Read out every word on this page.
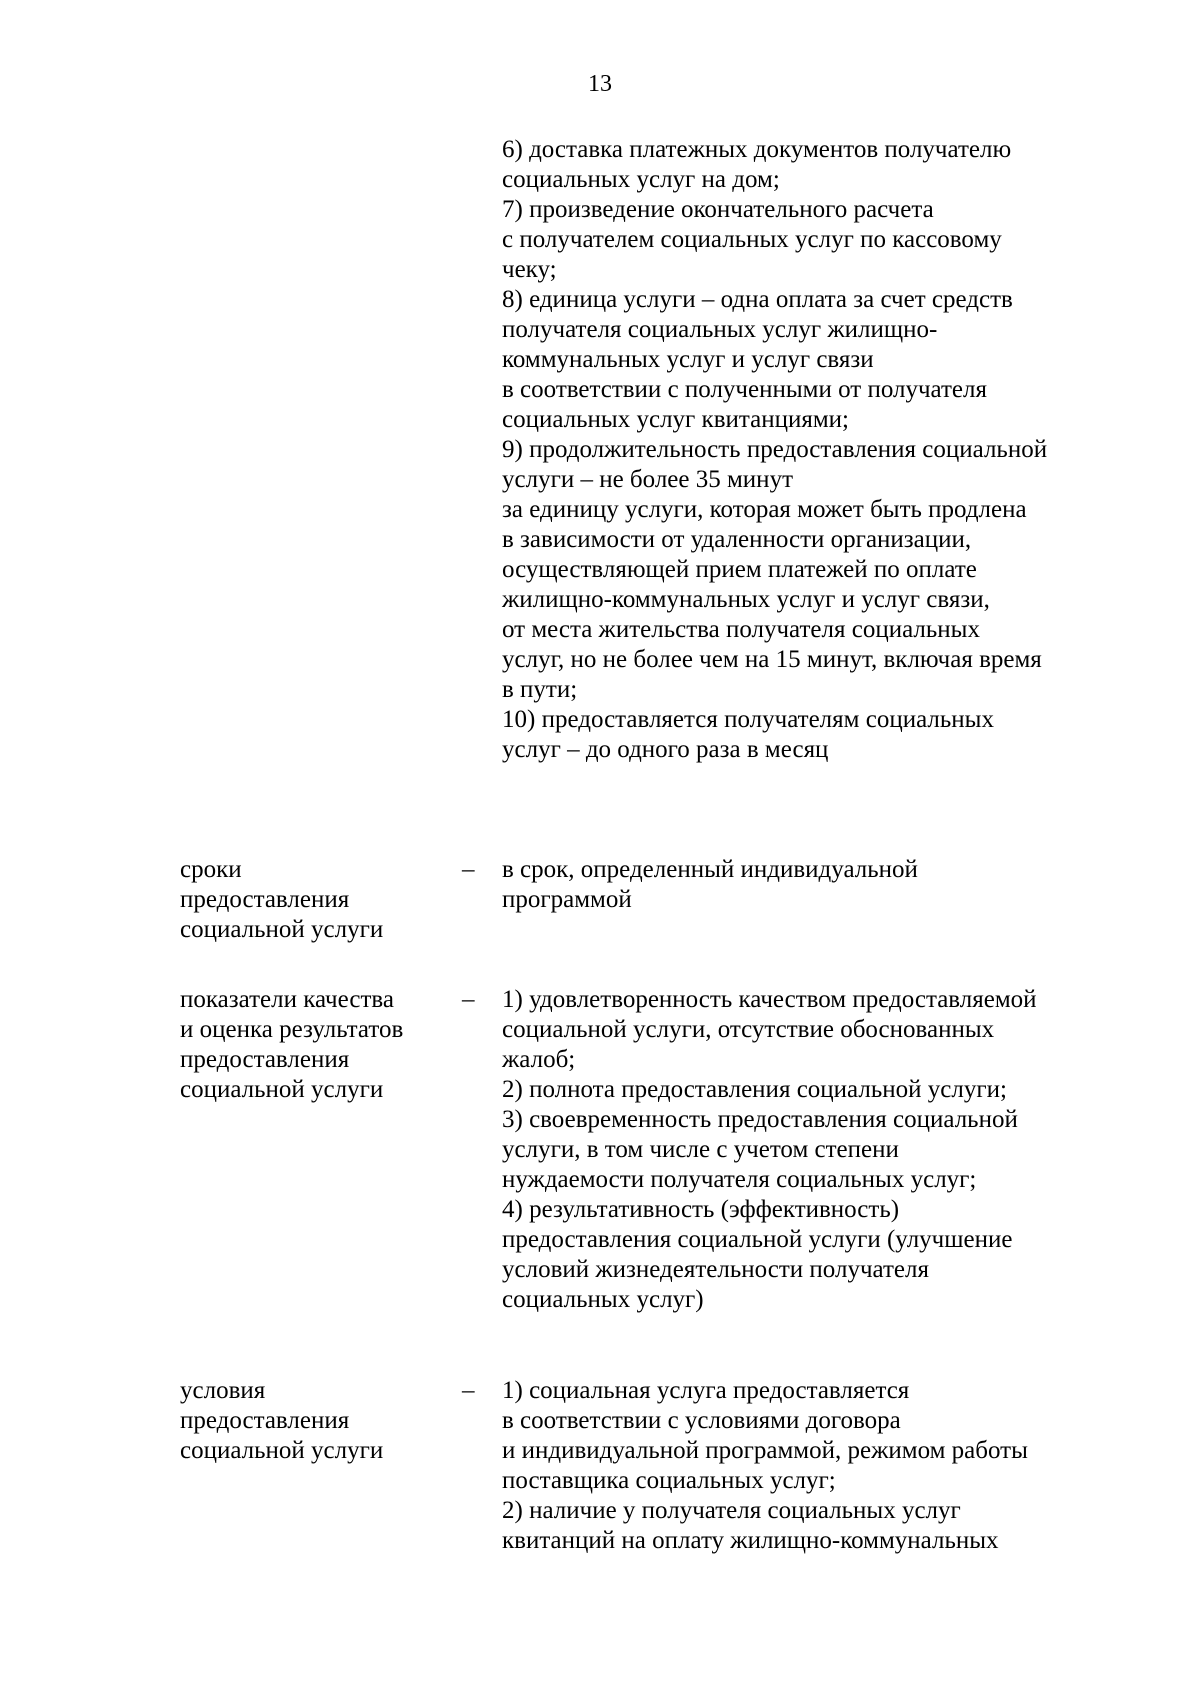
13
6) доставка платежных документов получателю
социальных услуг на дом;
7) произведение окончательного расчета
с получателем социальных услуг по кассовому
чеку;
8) единица услуги – одна оплата за счет средств
получателя социальных услуг жилищно-
коммунальных услуг и услуг связи
в соответствии с полученными от получателя
социальных услуг квитанциями;
9) продолжительность предоставления социальной
услуги – не более 35 минут
за единицу услуги, которая может быть продлена
в зависимости от удаленности организации,
осуществляющей прием платежей по оплате
жилищно-коммунальных услуг и услуг связи,
от места жительства получателя социальных
услуг, но не более чем на 15 минут, включая время
в пути;
10) предоставляется получателям социальных
услуг – до одного раза в месяц
сроки
предоставления
социальной услуги
– в срок, определенный индивидуальной
программой
показатели качества
и оценка результатов
предоставления
социальной услуги
– 1) удовлетворенность качеством предоставляемой
социальной услуги, отсутствие обоснованных
жалоб;
2) полнота предоставления социальной услуги;
3) своевременность предоставления социальной
услуги, в том числе с учетом степени
нуждаемости получателя социальных услуг;
4) результативность (эффективность)
предоставления социальной услуги (улучшение
условий жизнедеятельности получателя
социальных услуг)
условия
предоставления
социальной услуги
– 1) социальная услуга предоставляется
в соответствии с условиями договора
и индивидуальной программой, режимом работы
поставщика социальных услуг;
2) наличие у получателя социальных услуг
квитанций на оплату жилищно-коммунальных
